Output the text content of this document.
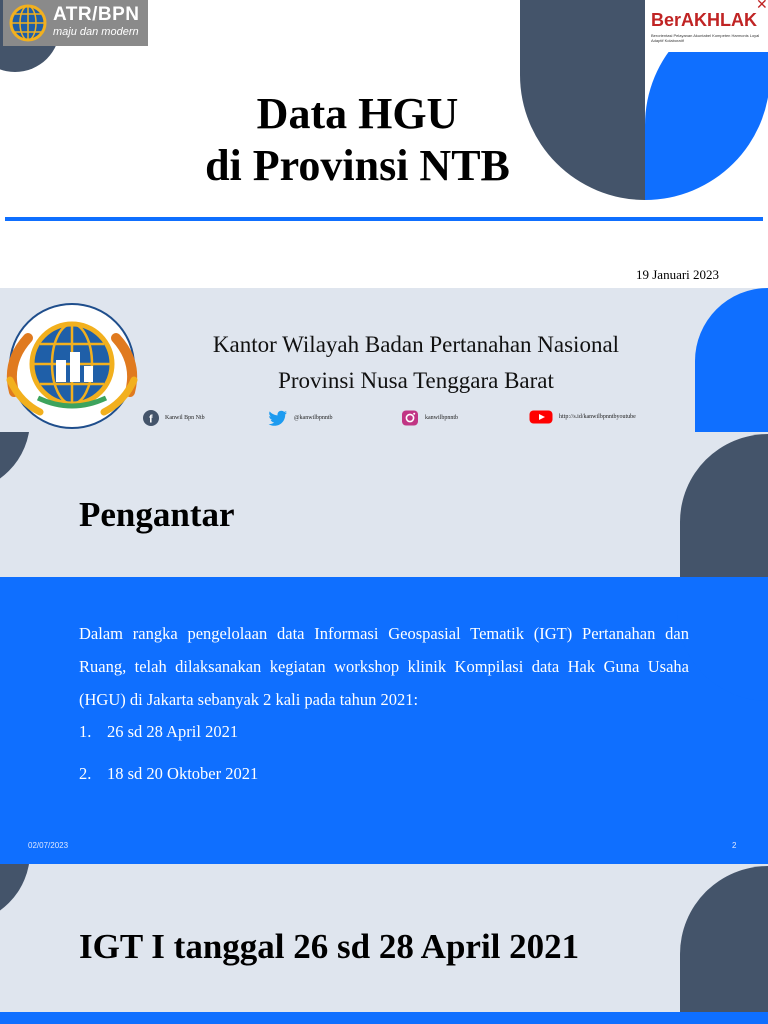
ATR/BPN
maju dan modern
BerAKHLAK
Berorientasi Pelayanan Akuntabel Kompeten Harmonis Loyal Adaptif Kolaboratif
✕
Data HGU
di Provinsi NTB
19 Januari 2023
Kantor Wilayah Badan Pertanahan Nasional
Provinsi Nusa Tenggara Barat
f Kanwil Bpn Ntb	@kanwilbpnntb	kanwilbpnntb	http://s.id/kanwilbpnntbyoutube
Pengantar
Dalam rangka pengelolaan data Informasi Geospasial Tematik (IGT) Pertanahan dan Ruang, telah dilaksanakan kegiatan workshop klinik Kompilasi data Hak Guna Usaha (HGU) di Jakarta sebanyak 2 kali pada tahun 2021:
1. 26 sd 28 April 2021
2. 18 sd 20 Oktober 2021
02/07/2023	2
IGT I tanggal 26 sd 28 April 2021
